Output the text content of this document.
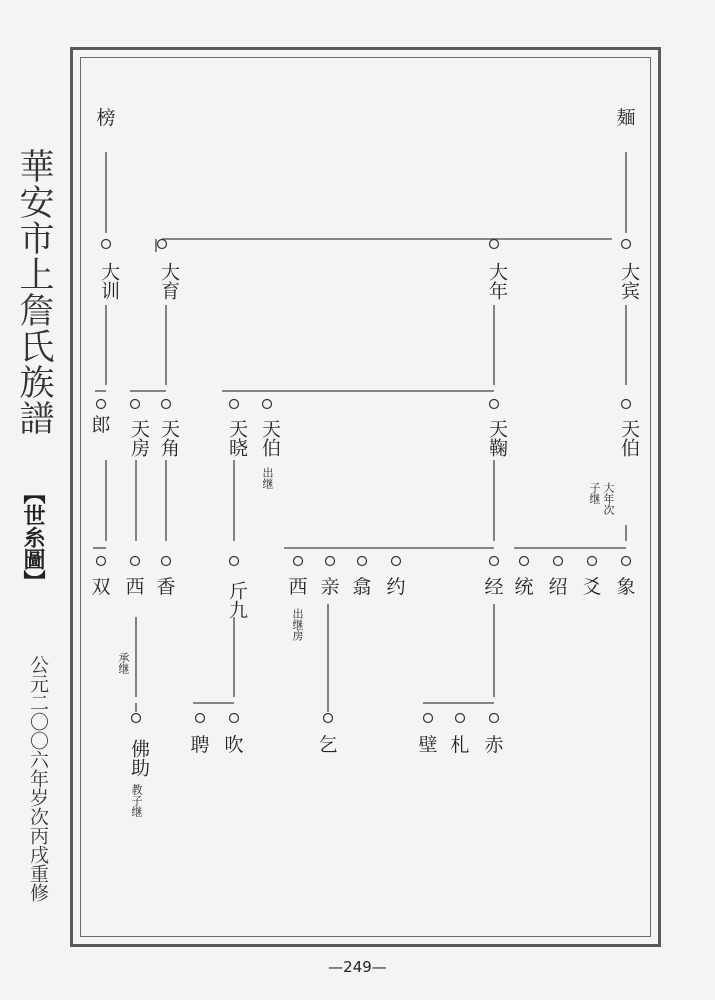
華安市上詹氏族譜
【世糸圖】
公元二〇〇六年岁次丙戌重修
—249—
榜	麺
大训	大育	大年	大宾
郎 天房 天角	天晓 天伯
出继
天鞠	天伯
大年次
子继
双 西 香	斤九 西
出继房
亲 翕 约	经 统 绍 爻 象
承继
佛助
教子继
聘 吹	乞	壁 札 赤
